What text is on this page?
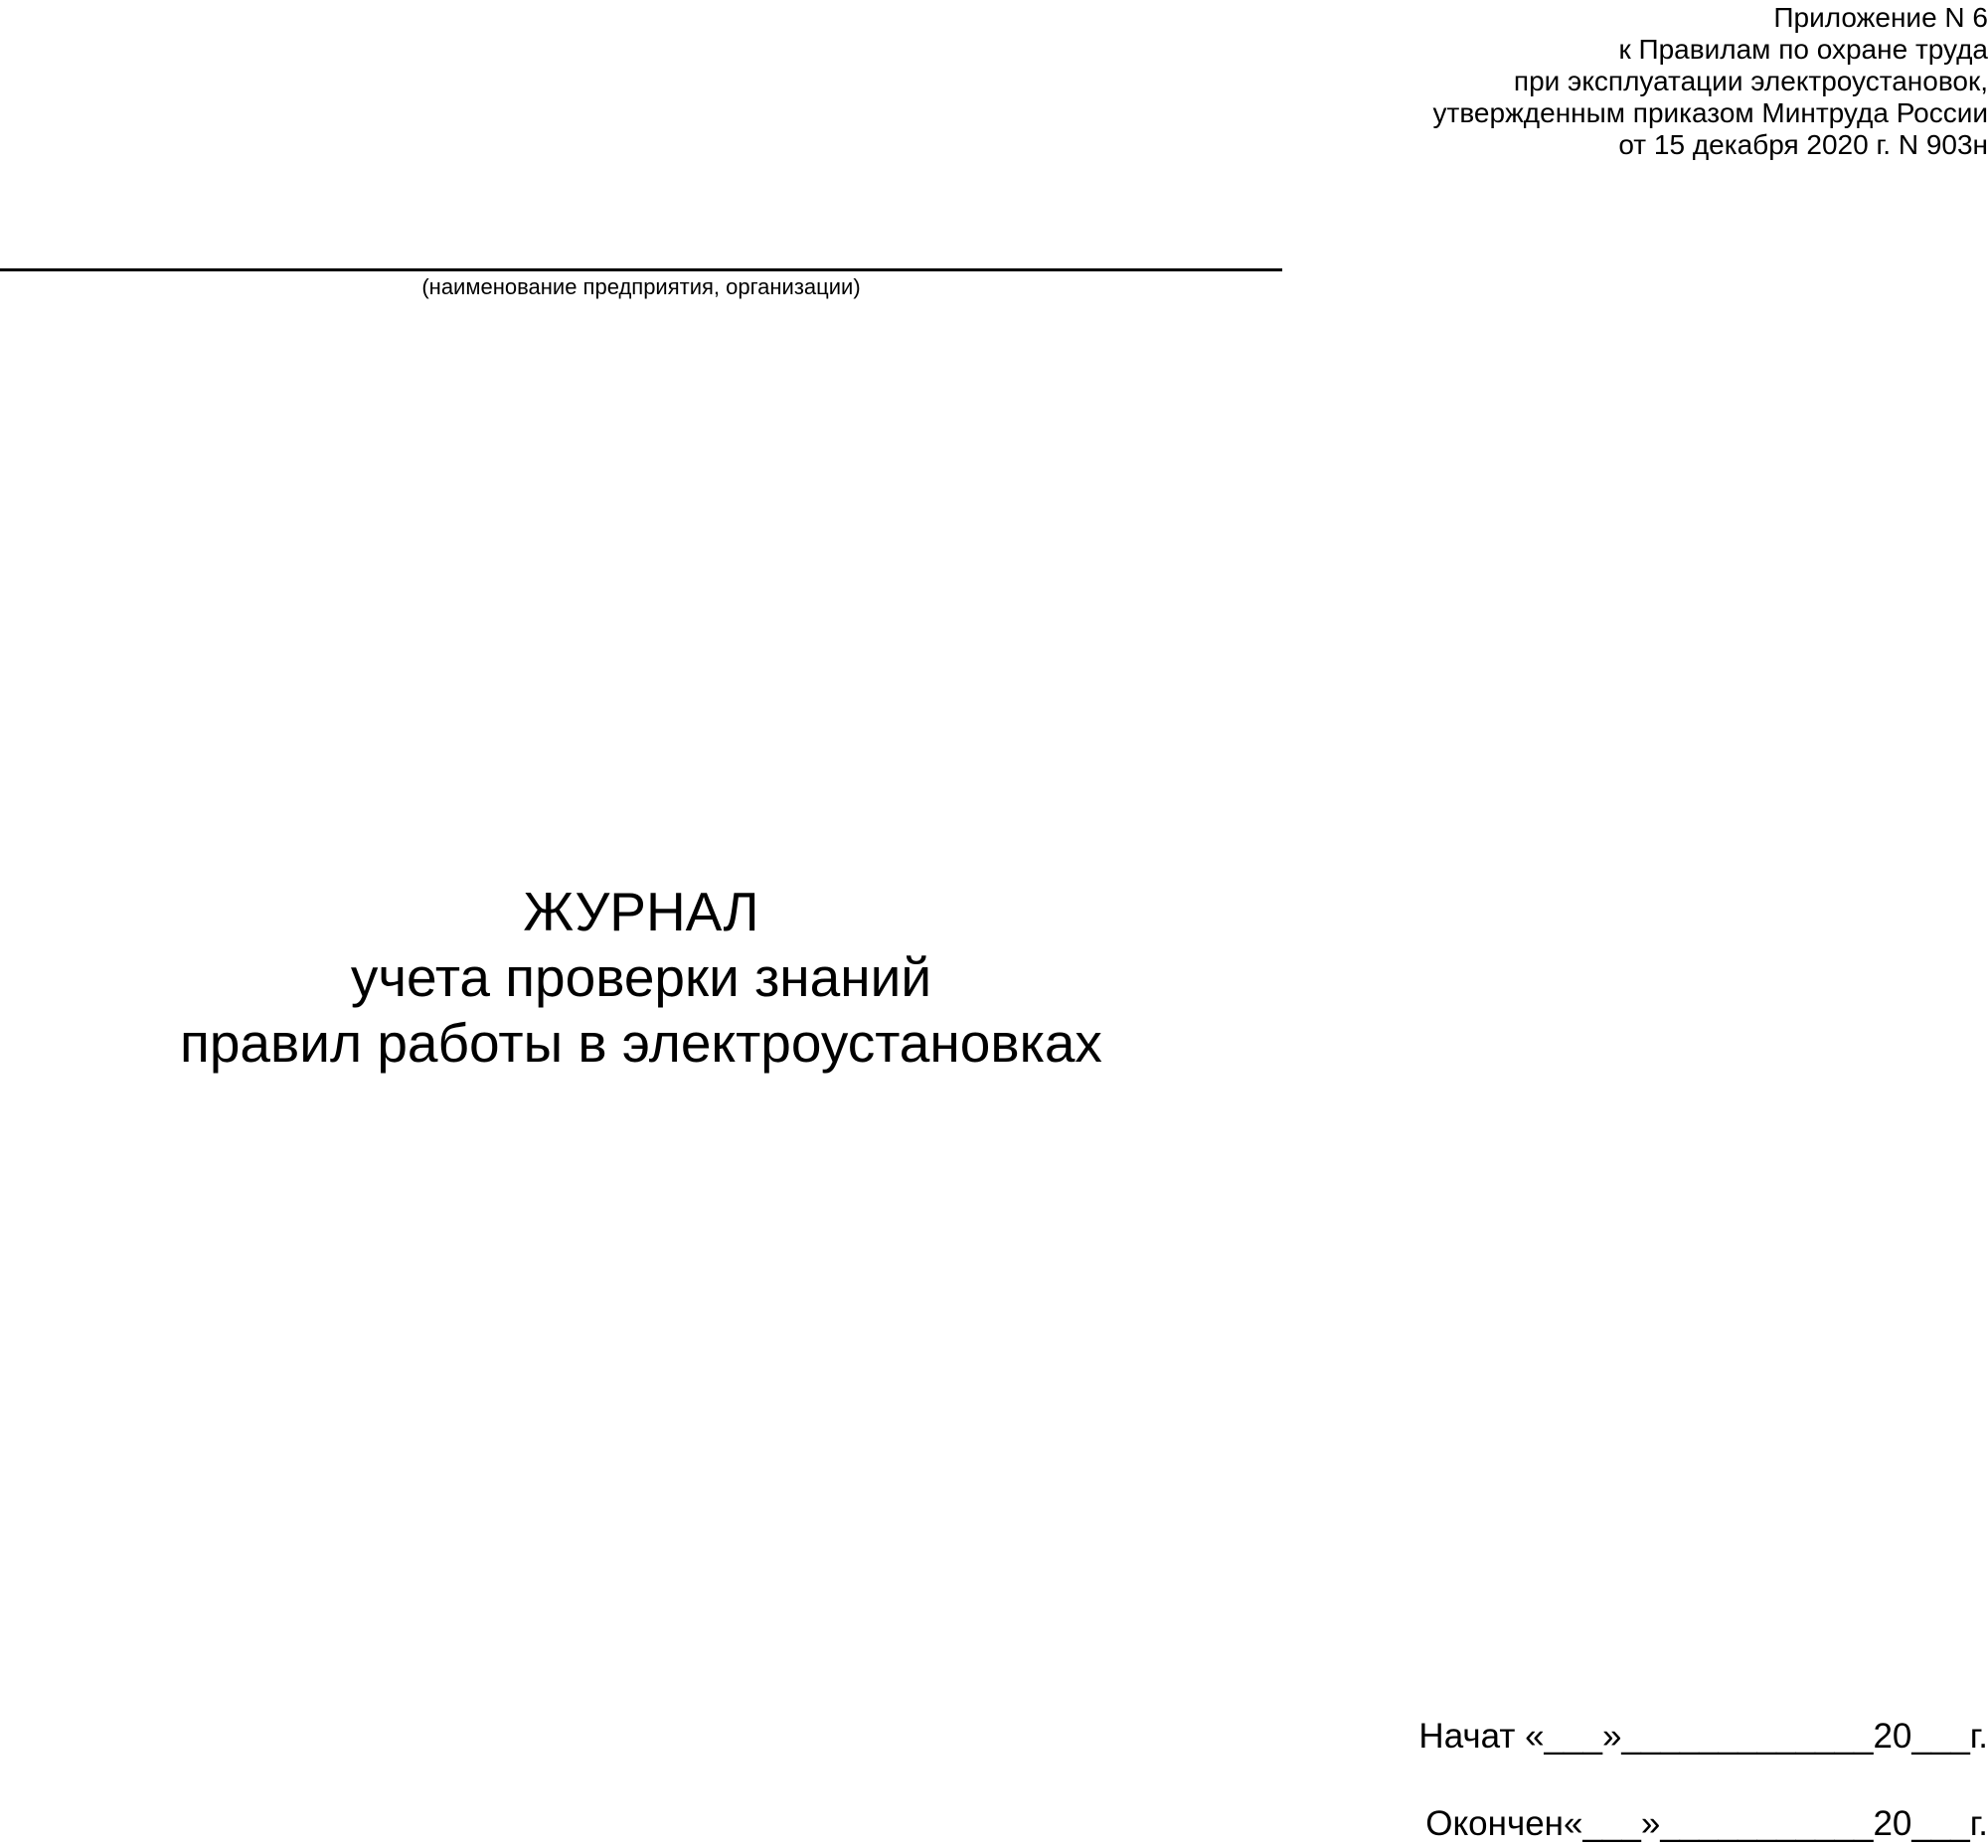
Приложение N 6
к Правилам по охране труда
при эксплуатации электроустановок,
утвержденным приказом Минтруда России
от 15 декабря 2020 г. N 903н
(наименование предприятия, организации)
ЖУРНАЛ
учета проверки знаний
правил работы в электроустановках
Начат «___»_____________20___г.
Окончен«___»___________20___г.
